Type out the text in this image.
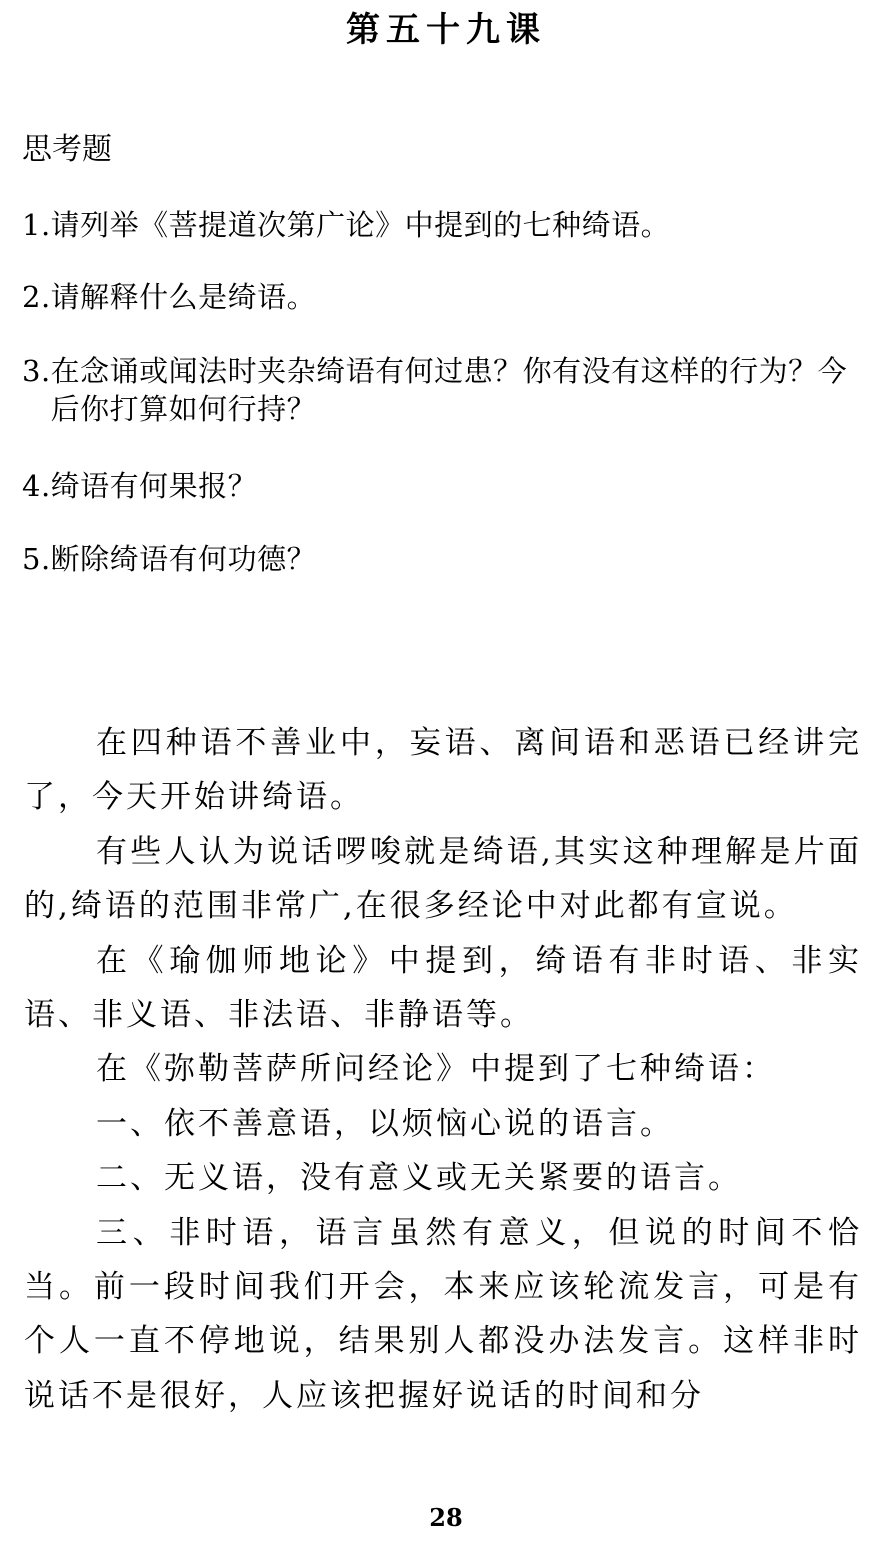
第五十九课
思考题
1. 请列举《菩提道次第广论》中提到的七种绮语。
2. 请解释什么是绮语。
3. 在念诵或闻法时夹杂绮语有何过患？你有没有这样的行为？今后你打算如何行持？
4. 绮语有何果报？
5. 断除绮语有何功德？

在四种语不善业中，妄语、离间语和恶语已经讲完了，今天开始讲绮语。

有些人认为说话啰唆就是绮语,其实这种理解是片面的,绮语的范围非常广,在很多经论中对此都有宣说。

在《瑜伽师地论》中提到，绮语有非时语、非实语、非义语、非法语、非静语等。

在《弥勒菩萨所问经论》中提到了七种绮语：

一、依不善意语，以烦恼心说的语言。

二、无义语，没有意义或无关紧要的语言。

三、非时语，语言虽然有意义，但说的时间不恰当。前一段时间我们开会，本来应该轮流发言，可是有个人一直不停地说，结果别人都没办法发言。这样非时说话不是很好，人应该把握好说话的时间和分

28
